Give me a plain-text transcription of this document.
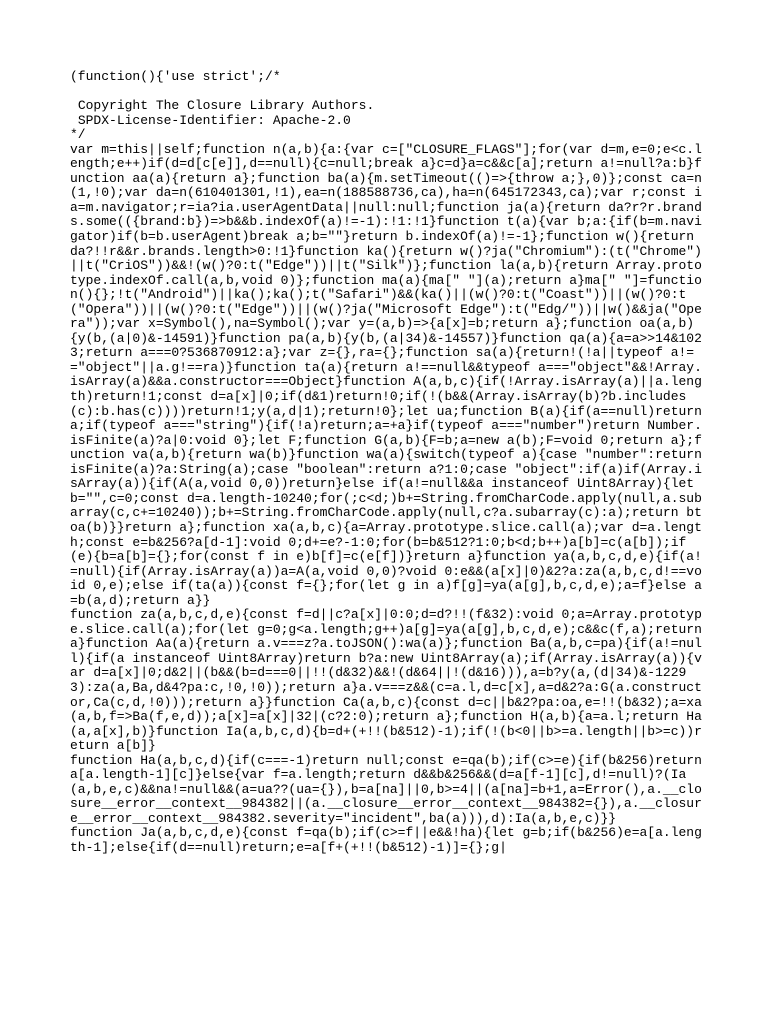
(function(){'use strict';/*

Copyright The Closure Library Authors.
SPDX-License-Identifier: Apache-2.0
*/
var m=this||self;function n(a,b){a:{var c=["CLOSURE_FLAGS"];for(var d=m,e=0;e<c.length;e++)if(d=d[c[e]],d==null){c=null;break a}c=d}a=c&&c[a];return a!=null?a:b}function aa(a){return a};function ba(a){m.setTimeout(()=>{throw a;},0)};const ca=n(1,!0);var da=n(610401301,!1),ea=n(188588736,ca),ha=n(645172343,ca);var r;const ia=m.navigator;r=ia?ia.userAgentData||null:null;function ja(a){return da?r?r.brands.some(({brand:b})=>b&&b.indexOf(a)!=-1):!1:!1}function t(a){var b;a:{if(b=m.navigator)if(b=b.userAgent)break a;b=""}return b.indexOf(a)!=-1};function w(){return da?!!r&&r.brands.length>0:!1}function ka(){return w()?ja("Chromium"):(t("Chrome")||t("CriOS"))&&!(w()?0:t("Edge"))||t("Silk")};function la(a,b){return Array.prototype.indexOf.call(a,b,void 0)};function ma(a){ma[" "](a);return a}ma[" "]=function(){};!t("Android")||ka();ka();t("Safari")&&(ka()||(w()?0:t("Coast"))||(w()?0:t("Opera"))||(w()?0:t("Edge"))||(w()?ja("Microsoft Edge"):t("Edg/"))||w()&&ja("Opera"));var x=Symbol(),na=Symbol();var y=(a,b)=>{a[x]=b;return a};function oa(a,b){y(b,(a|0)&-14591)}function pa(a,b){y(b,(a|34)&-14557)}function qa(a){a=a>>14&1023;return a===0?536870912:a};var z={},ra={};function sa(a){return!(!a||typeof a!=="object"||a.g!==ra)}function ta(a){return a!==null&&typeof a==="object"&&!Array.isArray(a)&&a.constructor===Object}function A(a,b,c){if(!Array.isArray(a)||a.length)return!1;const d=a[x]|0;if(d&1)return!0;if(!(b&&(Array.isArray(b)?b.includes(c):b.has(c))))return!1;y(a,d|1);return!0};let ua;function B(a){if(a==null)return a;if(typeof a==="string"){if(!a)return;a=+a}if(typeof a==="number")return Number.isFinite(a)?a|0:void 0};let F;function G(a,b){F=b;a=new a(b);F=void 0;return a};function va(a,b){return wa(b)}function wa(a){switch(typeof a){case "number":return isFinite(a)?a:String(a);case "boolean":return a?1:0;case "object":if(a)if(Array.isArray(a)){if(A(a,void 0,0))return}else if(a!=null&&a instanceof Uint8Array){let b="",c=0;const d=a.length-10240;for(;c<d;)b+=String.fromCharCode.apply(null,a.subarray(c,c+=10240));b+=String.fromCharCode.apply(null,c?a.subarray(c):a);return btoa(b)}}return a};function xa(a,b,c){a=Array.prototype.slice.call(a);var d=a.length;const e=b&256?a[d-1]:void 0;d+=e?-1:0;for(b=b&512?1:0;b<d;b++)a[b]=c(a[b]);if(e){b=a[b]={};for(const f in e)b[f]=c(e[f])}return a}function ya(a,b,c,d,e){if(a!=null){if(Array.isArray(a))a=A(a,void 0,0)?void 0:e&&(a[x]|0)&2?a:za(a,b,c,d!==void 0,e);else if(ta(a)){const f={};for(let g in a)f[g]=ya(a[g],b,c,d,e);a=f}else a=b(a,d);return a}}
function za(a,b,c,d,e){const f=d||c?a[x]|0:0;d=d?!!(f&32):void 0;a=Array.prototype.slice.call(a);for(let g=0;g<a.length;g++)a[g]=ya(a[g],b,c,d,e);c&&c(f,a);return a}function Aa(a){return a.v===z?a.toJSON():wa(a)};function Ba(a,b,c=pa){if(a!=null){if(a instanceof Uint8Array)return b?a:new Uint8Array(a);if(Array.isArray(a)){var d=a[x]|0;d&2||(b&&(b=d===0||!!(d&32)&&!(d&64||!(d&16))),a=b?y(a,(d|34)&-12293):za(a,Ba,d&4?pa:c,!0,!0));return a}a.v===z&&(c=a.l,d=c[x],a=d&2?a:G(a.constructor,Ca(c,d,!0)));return a}}function Ca(a,b,c){const d=c||b&2?pa:oa,e=!!(b&32);a=xa(a,b,f=>Ba(f,e,d));a[x]=a[x]|32|(c?2:0);return a};function H(a,b){a=a.l;return Ha(a,a[x],b)}function Ia(a,b,c,d){b=d+(+!!(b&512)-1);if(!(b<0||b>=a.length||b>=c))return a[b]}
function Ha(a,b,c,d){if(c===-1)return null;const e=qa(b);if(c>=e){if(b&256)return a[a.length-1][c]}else{var f=a.length;return d&&b&256&&(d=a[f-1][c],d!=null)?(Ia(a,b,e,c)&&na!=null&&(a=ua??(ua={}),b=a[na]||0,b>=4||(a[na]=b+1,a=Error(),a.__closure__error__context__984382||(a.__closure__error__context__984382={}),a.__closure__error__context__984382.severity="incident",ba(a))),d):Ia(a,b,e,c)}}
function Ja(a,b,c,d,e){const f=qa(b);if(c>=f||e&&!ha){let g=b;if(b&256)e=a[a.length-1];else{if(d==null)return;e=a[f+(+!!(b&512)-1)]={};g|
